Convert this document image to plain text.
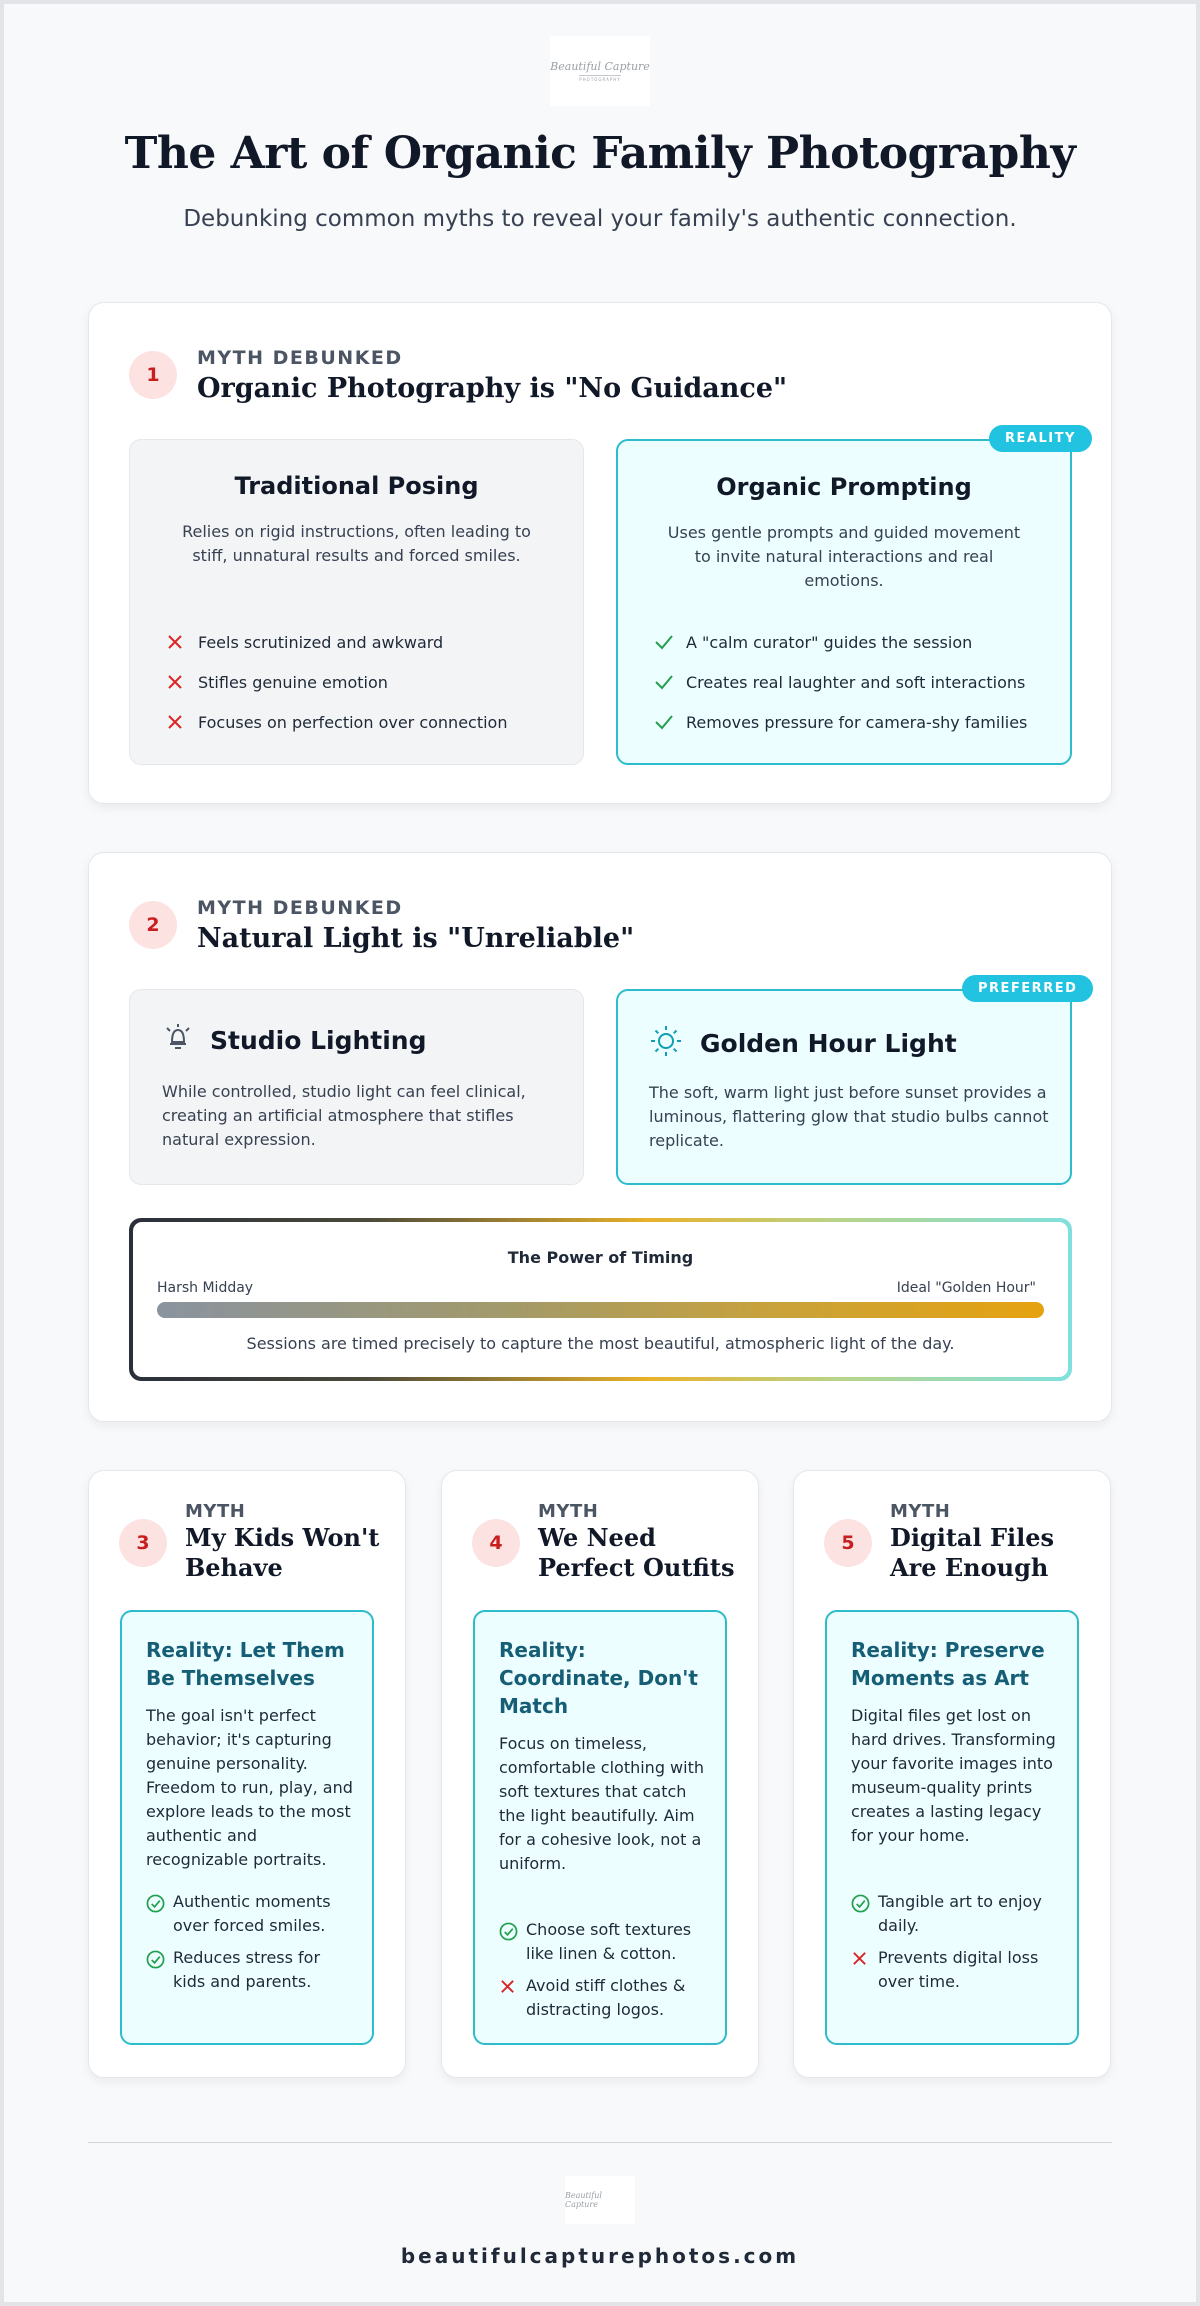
Beautiful Capture
PHOTOGRAPHY
The Art of Organic Family Photography

Debunking common myths to reveal your family's authentic connection.

1
MYTH DEBUNKED
Organic Photography is "No Guidance"
Traditional Posing
Relies on rigid instructions, often leading to stiff, unnatural results and forced smiles.
Feels scrutinized and awkward
Stifles genuine emotion
Focuses on perfection over connection
Organic Prompting
Uses gentle prompts and guided movement to invite natural interactions and real emotions.
A "calm curator" guides the session
Creates real laughter and soft interactions
Removes pressure for camera-shy families
REALITY
2
MYTH DEBUNKED
Natural Light is "Unreliable"
Studio Lighting
While controlled, studio light can feel clinical, creating an artificial atmosphere that stifles natural expression.
Golden Hour Light
The soft, warm light just before sunset provides a luminous, flattering glow that studio bulbs cannot replicate.
PREFERRED
The Power of Timing
Harsh Midday	Ideal "Golden Hour"
Sessions are timed precisely to capture the most beautiful, atmospheric light of the day.
3
MYTH
My Kids Won't Behave
Reality: Let Them Be Themselves
The goal isn't perfect behavior; it's capturing genuine personality. Freedom to run, play, and explore leads to the most authentic and recognizable portraits.
Authentic moments over forced smiles.
Reduces stress for kids and parents.
4
MYTH
We Need Perfect Outfits
Reality: Coordinate, Don't Match
Focus on timeless, comfortable clothing with soft textures that catch the light beautifully. Aim for a cohesive look, not a uniform.
Choose soft textures like linen & cotton.
Avoid stiff clothes & distracting logos.
5
MYTH
Digital Files Are Enough
Reality: Preserve Moments as Art
Digital files get lost on hard drives. Transforming your favorite images into museum-quality prints creates a lasting legacy for your home.
Tangible art to enjoy daily.
Prevents digital loss over time.
Beautiful Capture
beautifulcapturephotos.com
